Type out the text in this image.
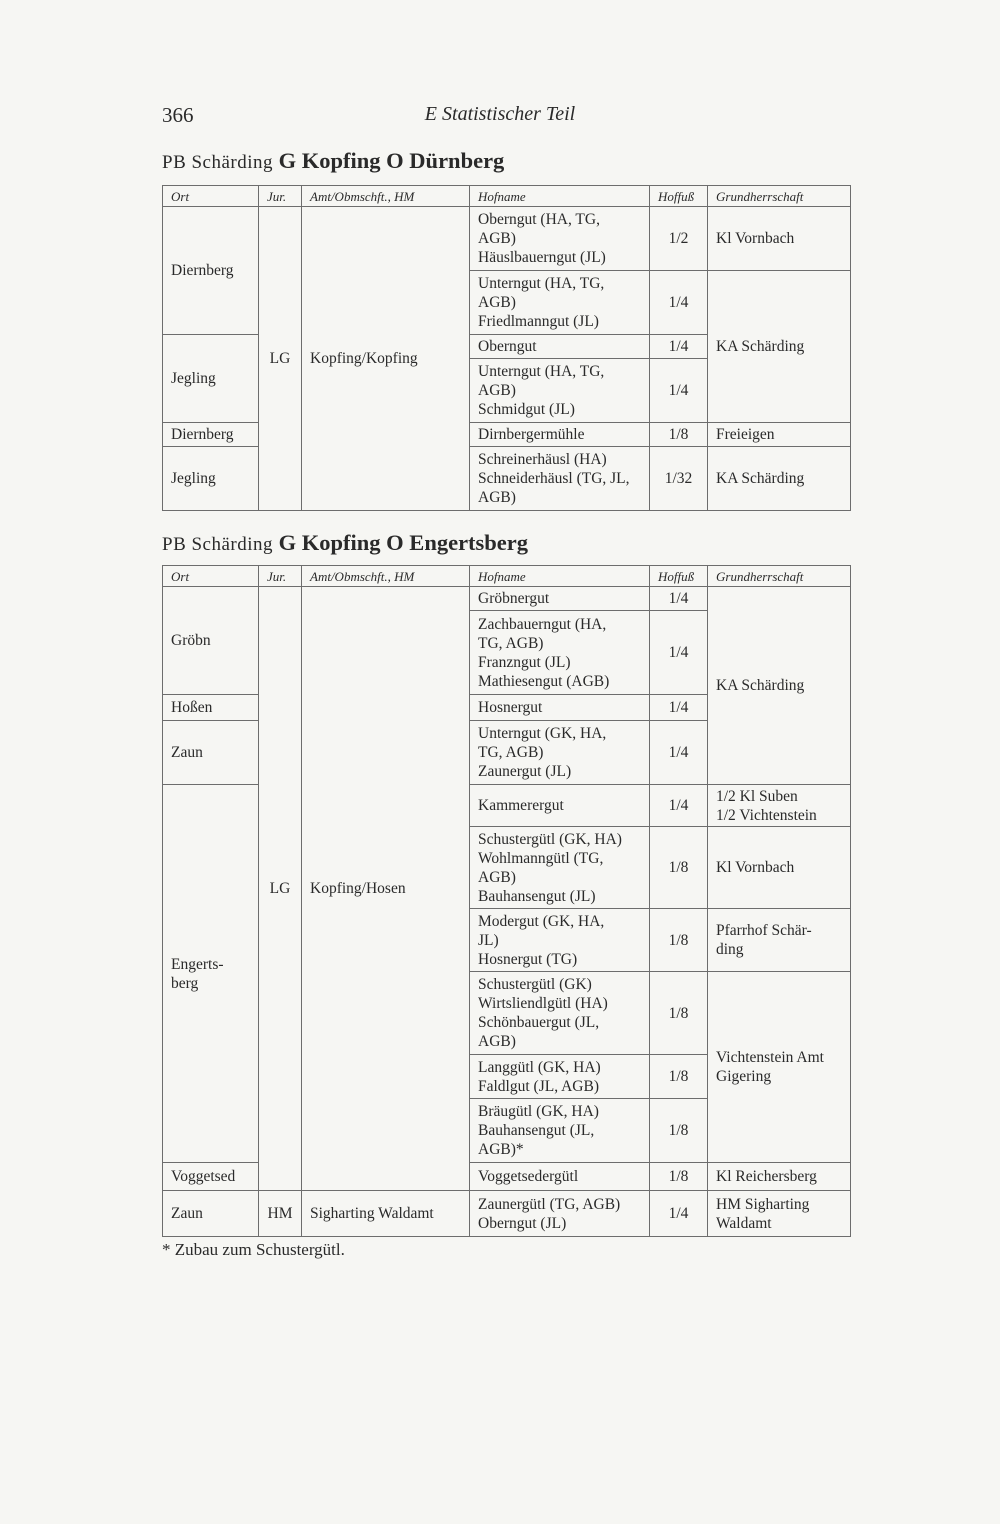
366	E Statistischer Teil
PB Schärding G Kopfing O Dürnberg
Ort	Jur.	Amt/Obmschft., HM	Hofname	Hoffuß	Grundherrschaft
Diernberg	LG	Kopfing/Kopfing	Oberngut (HA, TG,
AGB)
Häuslbauerngut (JL)	1/2	Kl Vornbach
			Unterngut (HA, TG,
AGB)
Friedlmanngut (JL)	1/4	KA Schärding
Jegling			Oberngut	1/4	
			Unterngut (HA, TG,
AGB)
Schmidgut (JL)	1/4	
Diernberg			Dirnbergermühle	1/8	Freieigen
Jegling			Schreinerhäusl (HA)
Schneiderhäusl (TG, JL,
AGB)	1/32	KA Schärding
PB Schärding G Kopfing O Engertsberg
Ort	Jur.	Amt/Obmschft., HM	Hofname	Hoffuß	Grundherrschaft
Gröbn	LG	Kopfing/Hosen	Gröbnergut	1/4	KA Schärding
			Zachbauerngut (HA,
TG, AGB)
Franzngut (JL)
Mathiesengut (AGB)	1/4	
Hoßen			Hosnergut	1/4	
Zaun			Unterngut (GK, HA,
TG, AGB)
Zaunergut (JL)	1/4	
Engerts-
berg			Kammerergut	1/4	1/2 Kl Suben
1/2 Vichtenstein
			Schustergütl (GK, HA)
Wohlmanngütl (TG,
AGB)
Bauhansengut (JL)	1/8	Kl Vornbach
			Modergut (GK, HA,
JL)
Hosnergut (TG)	1/8	Pfarrhof Schär-
ding
			Schustergütl (GK)
Wirtsliendlgütl (HA)
Schönbauergut (JL,
AGB)	1/8	Vichtenstein Amt
Gigering
			Langgütl (GK, HA)
Faldlgut (JL, AGB)	1/8	
			Bräugütl (GK, HA)
Bauhansengut (JL,
AGB)*	1/8	
Voggetsed			Voggetsedergütl	1/8	Kl Reichersberg
Zaun	HM	Sigharting Waldamt	Zaunergütl (TG, AGB)
Oberngut (JL)	1/4	HM Sigharting
Waldamt
* Zubau zum Schustergütl.
